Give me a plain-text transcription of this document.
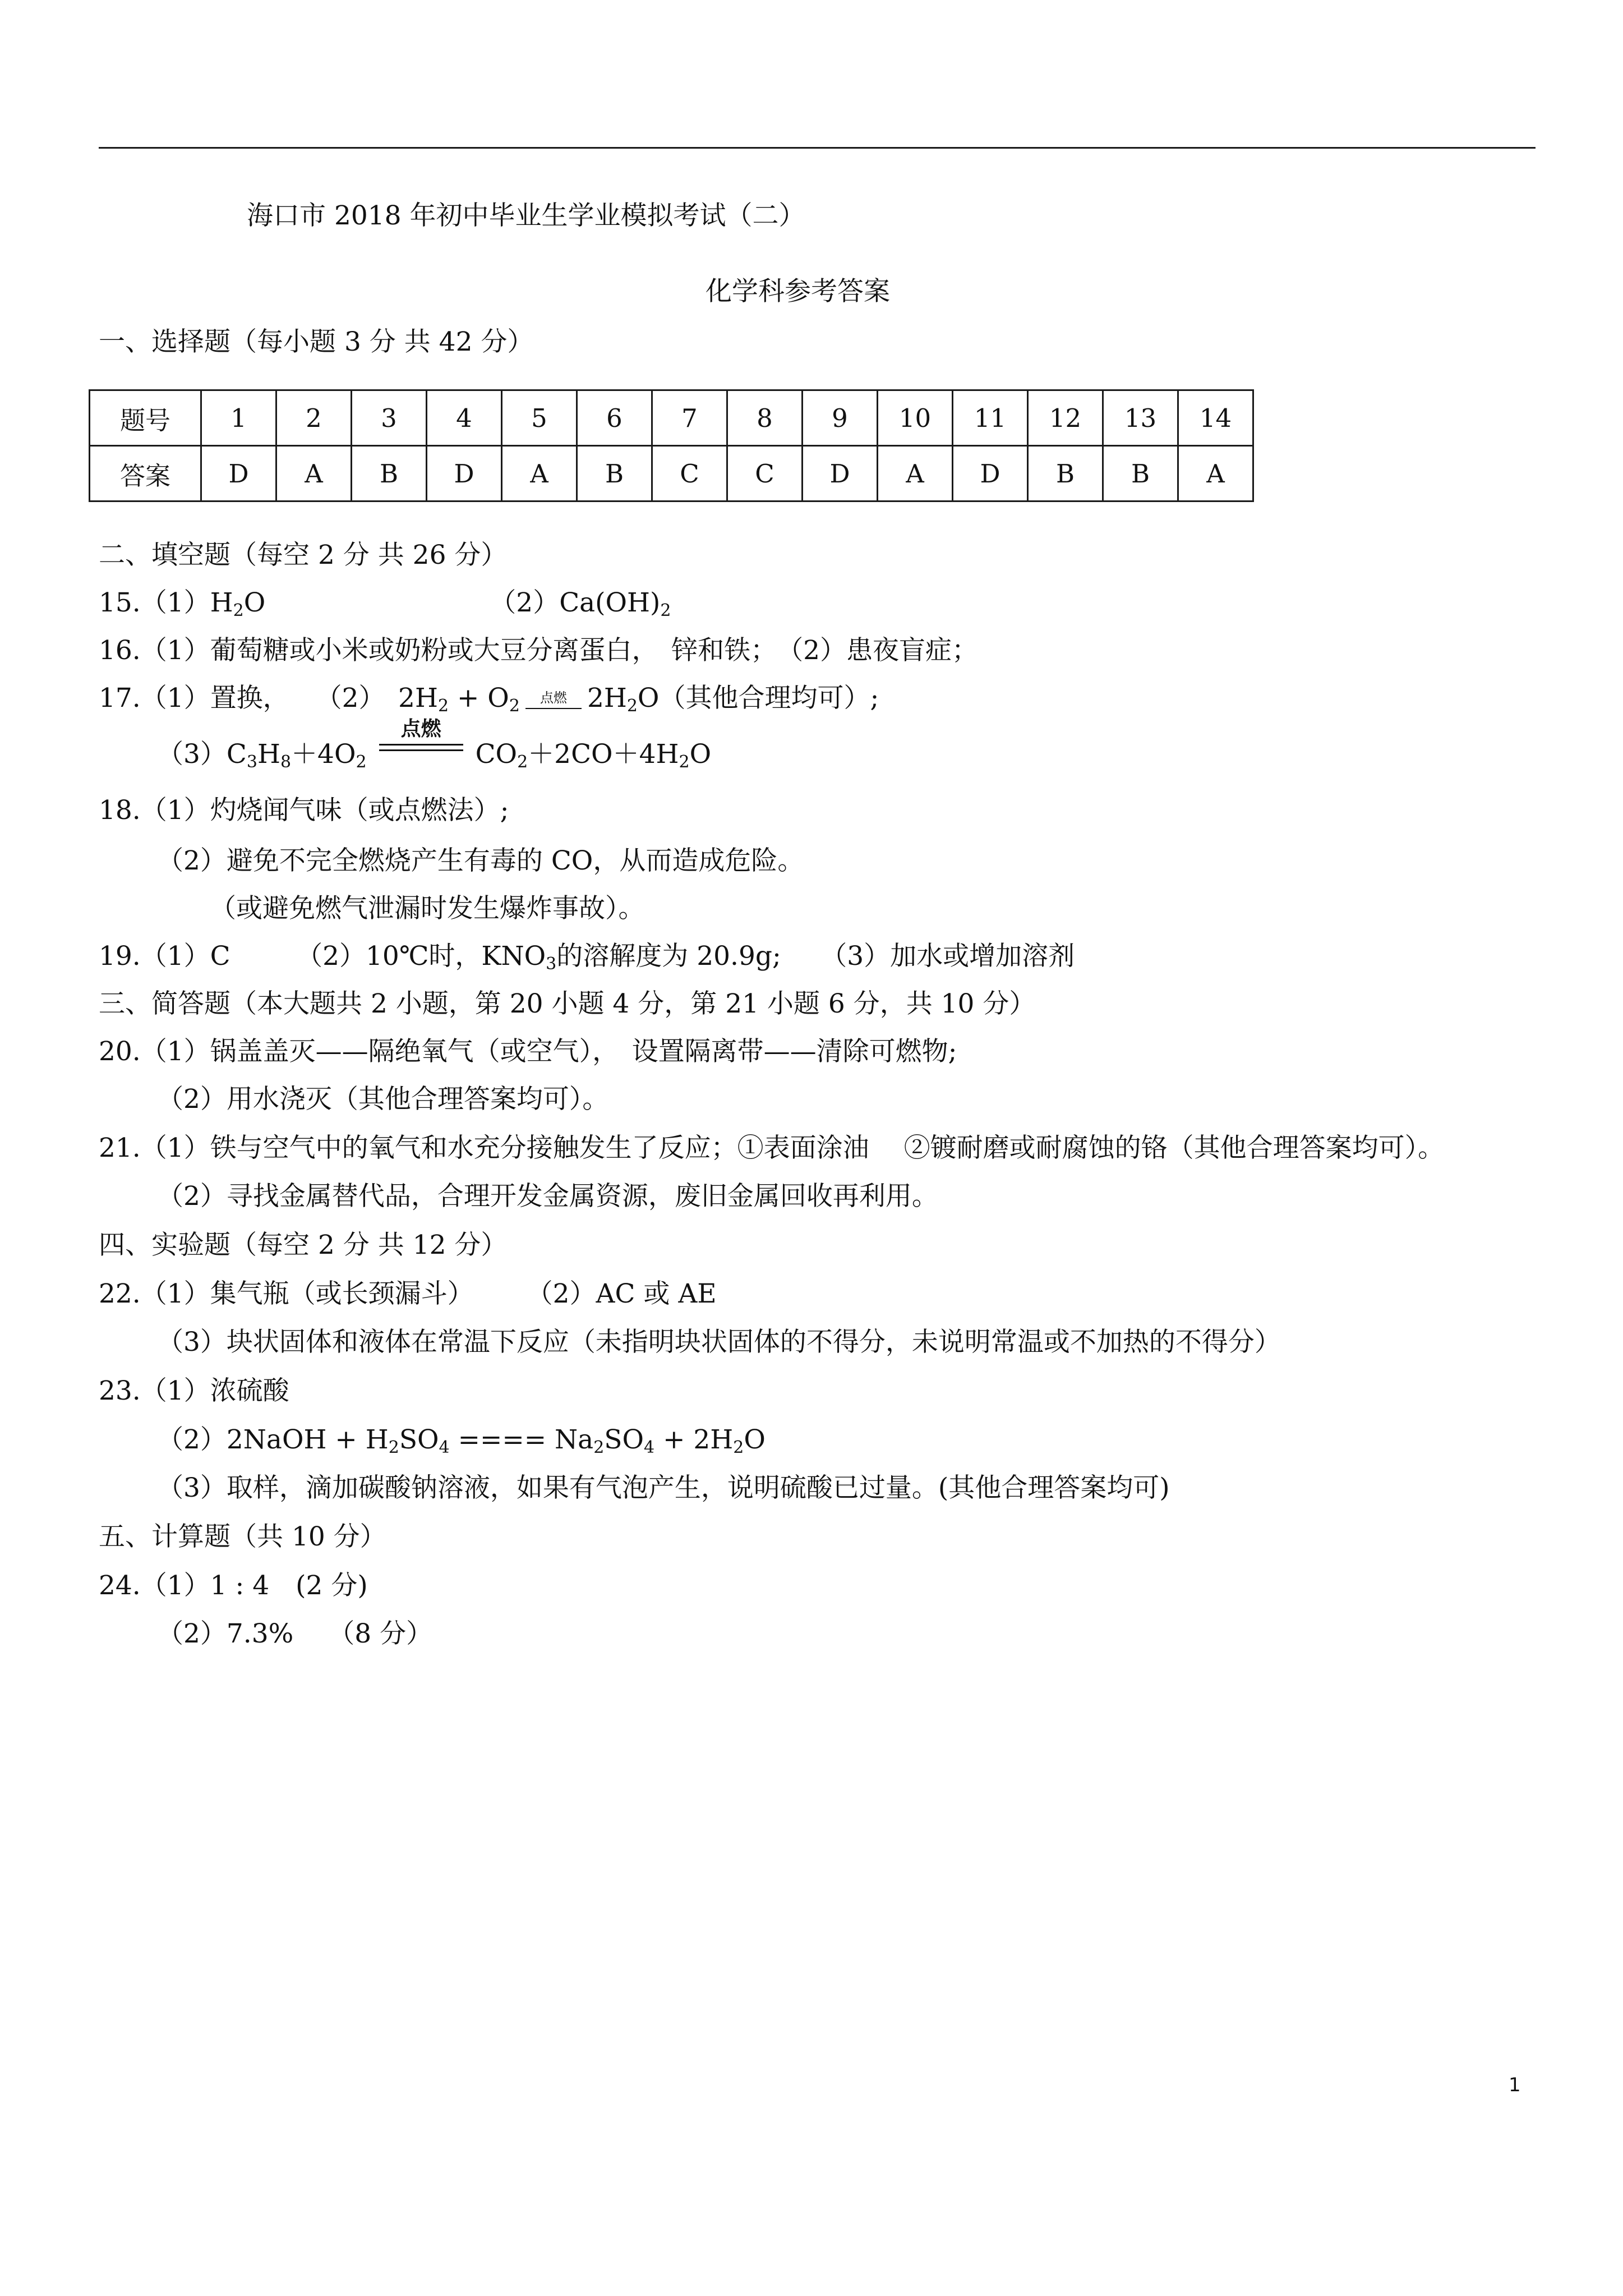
海口市 2018 年初中毕业生学业模拟考试（二）
化学科参考答案
一、选择题（每小题 3 分 共 42 分）
题号	1	2	3	4	5	6	7	8	9	10	11	12	13	14
答案	D	A	B	D	A	B	C	C	D	A	D	B	B	A
二、填空题（每空 2 分 共 26 分）
$15.(1)H_2O$	$(2)Ca(OH)_2$
16.（1）葡萄糖或小米或奶粉或大豆分离蛋白，　锌和铁；　（2）患夜盲症；
17.（1）置换，　　（2）　$2H_2 + O_2$ 点燃 $2H_2O$（其他合理均可）;
$(3)C_3H_8+4O_2$
点燃
$CO_2+2CO+4H_2O$
18.（1）灼烧闻气味（或点燃法）;
（2）避免不完全燃烧产生有毒的 CO，从而造成危险。
（或避免燃气泄漏时发生爆炸事故）。
19.（1）C　　　（2）10℃时，$KNO_3$的溶解度为 20.9g;　　（3）加水或增加溶剂
三、简答题（本大题共 2 小题，第 20 小题 4 分，第 21 小题 6 分，共 10 分）
20.（1）锅盖盖灭——隔绝氧气（或空气），　设置隔离带——清除可燃物;
（2）用水浇灭（其他合理答案均可）。
21.（1）铁与空气中的氧气和水充分接触发生了反应；①表面涂油　 ②镀耐磨或耐腐蚀的铬（其他合理答案均可）。
（2）寻找金属替代品，合理开发金属资源，废旧金属回收再利用。
四、实验题（每空 2 分 共 12 分）
22.（1）集气瓶（或长颈漏斗）　　　（2）AC 或 AE
（3）块状固体和液体在常温下反应（未指明块状固体的不得分，未说明常温或不加热的不得分）
23.（1）浓硫酸
（2）2NaOH + $H_2SO_4$ ==== $Na_2SO_4 + 2H_2O$
（3）取样，滴加碳酸钠溶液，如果有气泡产生，说明硫酸已过量。(其他合理答案均可)
五、计算题（共 10 分）
24.（1）1 : 4　(2 分)
（2）7.3%　 （8 分）
1
